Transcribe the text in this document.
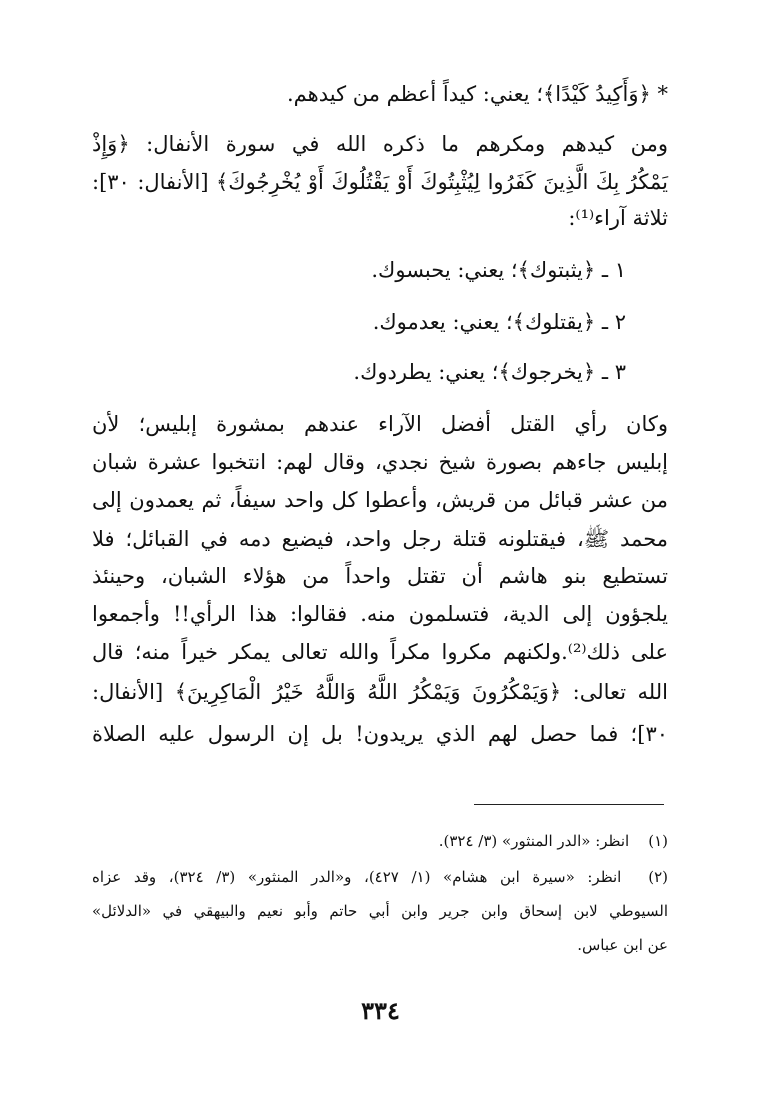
* ﴿وَأَكِيدُ كَيْدًا﴾؛ يعني: كيداً أعظم من كيدهم.
ومن كيدهم ومكرهم ما ذكره الله في سورة الأنفال: ﴿وَإِذْ
يَمْكُرُ بِكَ الَّذِينَ كَفَرُوا لِيُثْبِتُوكَ أَوْ يَقْتُلُوكَ أَوْ يُخْرِجُوكَ﴾ [الأنفال: ٣٠]:
ثلاثة آراء⁽¹⁾:
١ ـ ﴿يثبتوك﴾؛ يعني: يحبسوك.
٢ ـ ﴿يقتلوك﴾؛ يعني: يعدموك.
٣ ـ ﴿يخرجوك﴾؛ يعني: يطردوك.
وكان رأي القتل أفضل الآراء عندهم بمشورة إبليس؛ لأن
إبليس جاءهم بصورة شيخ نجدي، وقال لهم: انتخبوا عشرة شبان
من عشر قبائل من قريش، وأعطوا كل واحد سيفاً، ثم يعمدون إلى
محمد ﷺ، فيقتلونه قتلة رجل واحد، فيضيع دمه في القبائل؛ فلا
تستطيع بنو هاشم أن تقتل واحداً من هؤلاء الشبان، وحينئذ
يلجؤون إلى الدية، فتسلمون منه. فقالوا: هذا الرأي!! وأجمعوا
على ذلك⁽²⁾.ولكنهم مكروا مكراً والله تعالى يمكر خيراً منه؛ قال
الله تعالى: ﴿وَيَمْكُرُونَ وَيَمْكُرُ اللَّهُ وَاللَّهُ خَيْرُ الْمَاكِرِينَ﴾ [الأنفال:
٣٠]؛ فما حصل لهم الذي يريدون! بل إن الرسول عليه الصلاة
(١) انظر: «الدر المنثور» (٣/ ٣٢٤).
(٢) انظر: «سيرة ابن هشام» (١/ ٤٢٧)، و«الدر المنثور» (٣/ ٣٢٤)، وقد عزاه
السيوطي لابن إسحاق وابن جرير وابن أبي حاتم وأبو نعيم والبيهقي في «الدلائل»
عن ابن عباس.
٣٣٤
